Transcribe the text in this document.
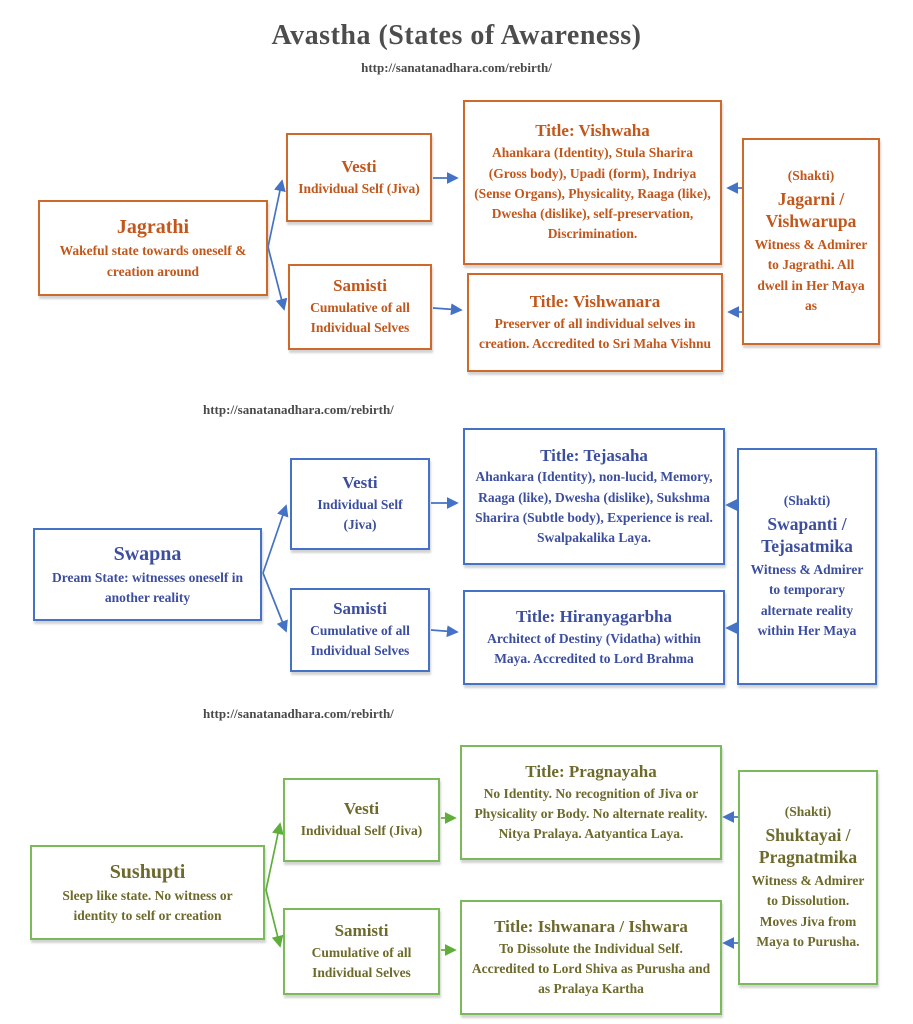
Avastha (States of Awareness)
http://sanatanadhara.com/rebirth/
Jagrathi
Wakeful state towards oneself & creation around
Vesti
Individual Self (Jiva)
Samisti
Cumulative of all Individual Selves
Title: Vishwaha
Ahankara (Identity), Stula Sharira (Gross body), Upadi (form), Indriya (Sense Organs), Physicality, Raaga (like), Dwesha (dislike), self-preservation, Discrimination.
Title: Vishwanara
Preserver of all individual selves in creation. Accredited to Sri Maha Vishnu
(Shakti)
Jagarni / Vishwarupa
Witness & Admirer to Jagrathi. All dwell in Her Maya as
http://sanatanadhara.com/rebirth/
Swapna
Dream State: witnesses oneself in another reality
Vesti
Individual Self (Jiva)
Samisti
Cumulative of all Individual Selves
Title: Tejasaha
Ahankara (Identity), non-lucid, Memory, Raaga (like), Dwesha (dislike), Sukshma Sharira (Subtle body), Experience is real. Swalpakalika Laya.
Title: Hiranyagarbha
Architect of Destiny (Vidatha) within Maya. Accredited to Lord Brahma
(Shakti)
Swapanti / Tejasatmika
Witness & Admirer to temporary alternate reality within Her Maya
http://sanatanadhara.com/rebirth/
Sushupti
Sleep like state. No witness or identity to self or creation
Vesti
Individual Self (Jiva)
Samisti
Cumulative of all Individual Selves
Title: Pragnayaha
No Identity. No recognition of Jiva or Physicality or Body. No alternate reality. Nitya Pralaya. Aatyantica Laya.
Title: Ishwanara / Ishwara
To Dissolute the Individual Self. Accredited to Lord Shiva as Purusha and as Pralaya Kartha
(Shakti)
Shuktayai / Pragnatmika
Witness & Admirer to Dissolution. Moves Jiva from Maya to Purusha.
